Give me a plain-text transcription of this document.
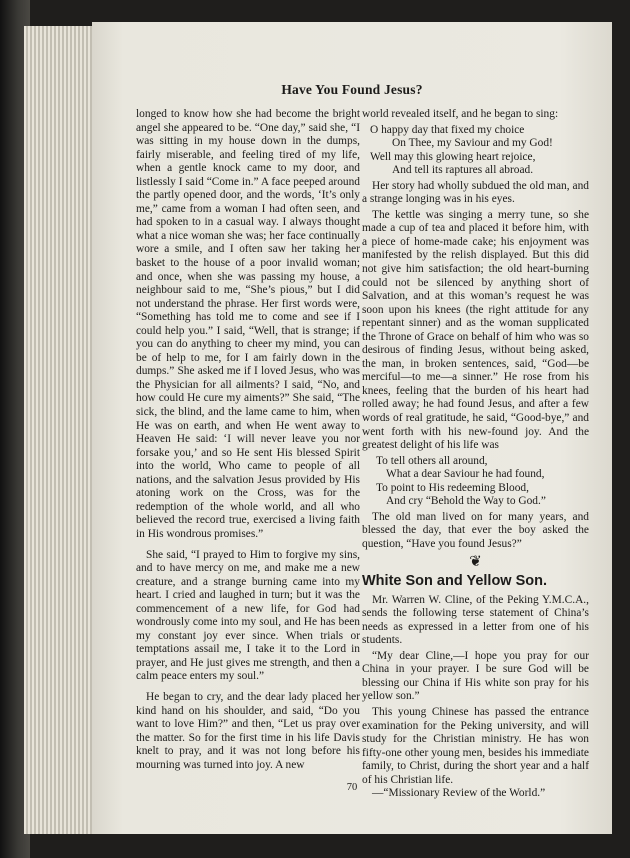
Have You Found Jesus?

longed to know how she had become the bright angel she appeared to be. “One day,” said she, “I was sitting in my house down in the dumps, fairly miserable, and feeling tired of my life, when a gentle knock came to my door, and listlessly I said “Come in.” A face peeped around the partly opened door, and the words, ‘It’s only me,” came from a woman I had often seen, and had spoken to in a casual way. I always thought what a nice woman she was; her face continually wore a smile, and I often saw her taking her basket to the house of a poor invalid woman; and once, when she was passing my house, a neighbour said to me, “She’s pious,” but I did not understand the phrase. Her first words were, “Something has told me to come and see if I could help you.” I said, “Well, that is strange; if you can do anything to cheer my mind, you can be of help to me, for I am fairly down in the dumps.” She asked me if I loved Jesus, who was the Physician for all ailments? I said, “No, and how could He cure my aiments?” She said, “The sick, the blind, and the lame came to him, when He was on earth, and when He went away to Heaven He said: ‘I will never leave you nor forsake you,’ and so He sent His blessed Spirit into the world, Who came to people of all nations, and the salvation Jesus provided by His atoning work on the Cross, was for the redemption of the whole world, and all who believed the record true, exercised a living faith in His wondrous promises.”

She said, “I prayed to Him to forgive my sins, and to have mercy on me, and make me a new creature, and a strange burning came into my heart. I cried and laughed in turn; but it was the commencement of a new life, for God had wondrously come into my soul, and He has been my constant joy ever since. When trials or temptations assail me, I take it to the Lord in prayer, and He just gives me strength, and then a calm peace enters my soul.”

He began to cry, and the dear lady placed her kind hand on his shoulder, and said, “Do you want to love Him?” and then, “Let us pray over the matter. So for the first time in his life Davis knelt to pray, and it was not long before his mourning was turned into joy. A new

world revealed itself, and he began to sing:

O happy day that fixed my choice
On Thee, my Saviour and my God!
Well may this glowing heart rejoice,
And tell its raptures all abroad.

Her story had wholly subdued the old man, and a strange longing was in his eyes.

The kettle was singing a merry tune, so she made a cup of tea and placed it before him, with a piece of home-made cake; his enjoyment was manifested by the relish displayed. But this did not give him satisfaction; the old heart-burning could not be silenced by anything short of Salvation, and at this woman’s request he was soon upon his knees (the right attitude for any repentant sinner) and as the woman supplicated the Throne of Grace on behalf of him who was so desirous of finding Jesus, without being asked, the man, in broken sentences, said, “God—be merciful—to me—a sinner.” He rose from his knees, feeling that the burden of his heart had rolled away; he had found Jesus, and after a few words of real gratitude, he said, “Good-bye,” and went forth with his new-found joy. And the greatest delight of his life was

To tell others all around,
What a dear Saviour he had found,
To point to His redeeming Blood,
And cry “Behold the Way to God.”

The old man lived on for many years, and blessed the day, that ever the boy asked the question, “Have you found Jesus?”

❦
White Son and Yellow Son.

Mr. Warren W. Cline, of the Peking Y.M.C.A., sends the following terse statement of China’s needs as expressed in a letter from one of his students.

“My dear Cline,—I hope you pray for our China in your prayer. I be sure God will be blessing our China if His white son pray for his yellow son.”

This young Chinese has passed the entrance examination for the Peking university, and will study for the Christian ministry. He has won fifty-one other young men, besides his immediate family, to Christ, during the short year and a half of his Christian life.

—“Missionary Review of the World.”

70
